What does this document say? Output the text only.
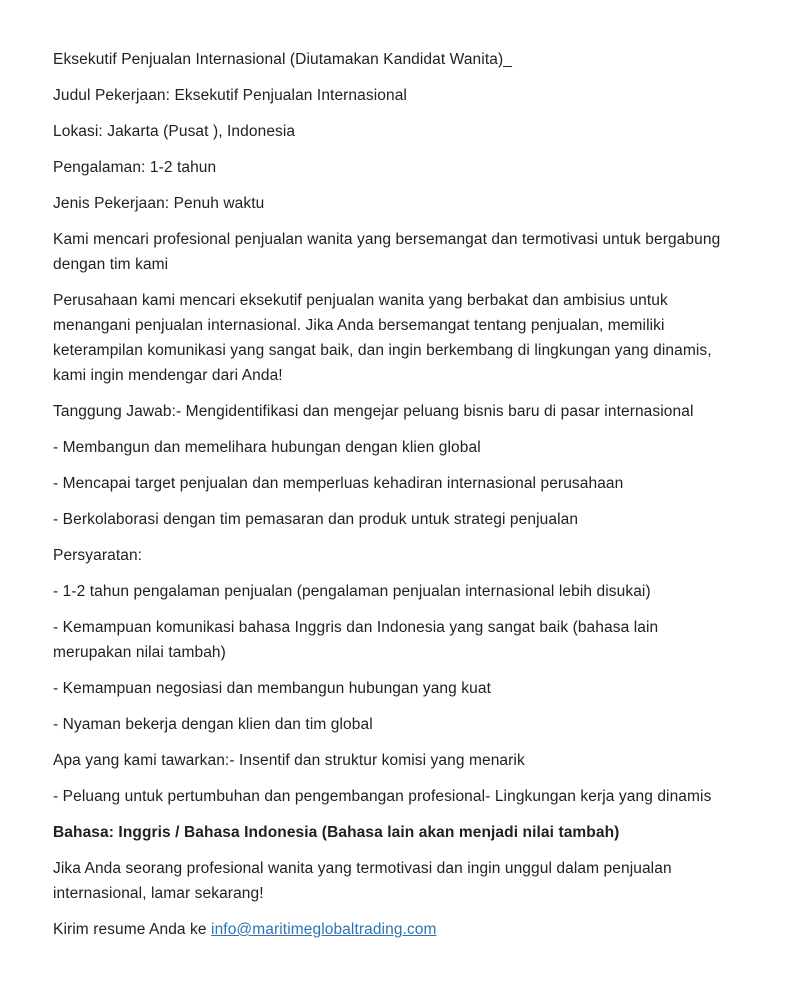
Eksekutif Penjualan Internasional (Diutamakan Kandidat Wanita)_

Judul Pekerjaan: Eksekutif Penjualan Internasional

Lokasi: Jakarta (Pusat ), Indonesia

Pengalaman: 1-2 tahun

Jenis Pekerjaan: Penuh waktu

Kami mencari profesional penjualan wanita yang bersemangat dan termotivasi untuk bergabung
dengan tim kami

Perusahaan kami mencari eksekutif penjualan wanita yang berbakat dan ambisius untuk
menangani penjualan internasional. Jika Anda bersemangat tentang penjualan, memiliki
keterampilan komunikasi yang sangat baik, dan ingin berkembang di lingkungan yang dinamis,
kami ingin mendengar dari Anda!

Tanggung Jawab:- Mengidentifikasi dan mengejar peluang bisnis baru di pasar internasional

- Membangun dan memelihara hubungan dengan klien global

- Mencapai target penjualan dan memperluas kehadiran internasional perusahaan

- Berkolaborasi dengan tim pemasaran dan produk untuk strategi penjualan

Persyaratan:

- 1-2 tahun pengalaman penjualan (pengalaman penjualan internasional lebih disukai)

- Kemampuan komunikasi bahasa Inggris dan Indonesia yang sangat baik (bahasa lain
merupakan nilai tambah)

- Kemampuan negosiasi dan membangun hubungan yang kuat

- Nyaman bekerja dengan klien dan tim global

Apa yang kami tawarkan:- Insentif dan struktur komisi yang menarik

- Peluang untuk pertumbuhan dan pengembangan profesional- Lingkungan kerja yang dinamis

Bahasa: Inggris / Bahasa Indonesia (Bahasa lain akan menjadi nilai tambah)

Jika Anda seorang profesional wanita yang termotivasi dan ingin unggul dalam penjualan
internasional, lamar sekarang!

Kirim resume Anda ke info@maritimeglobaltrading.com
